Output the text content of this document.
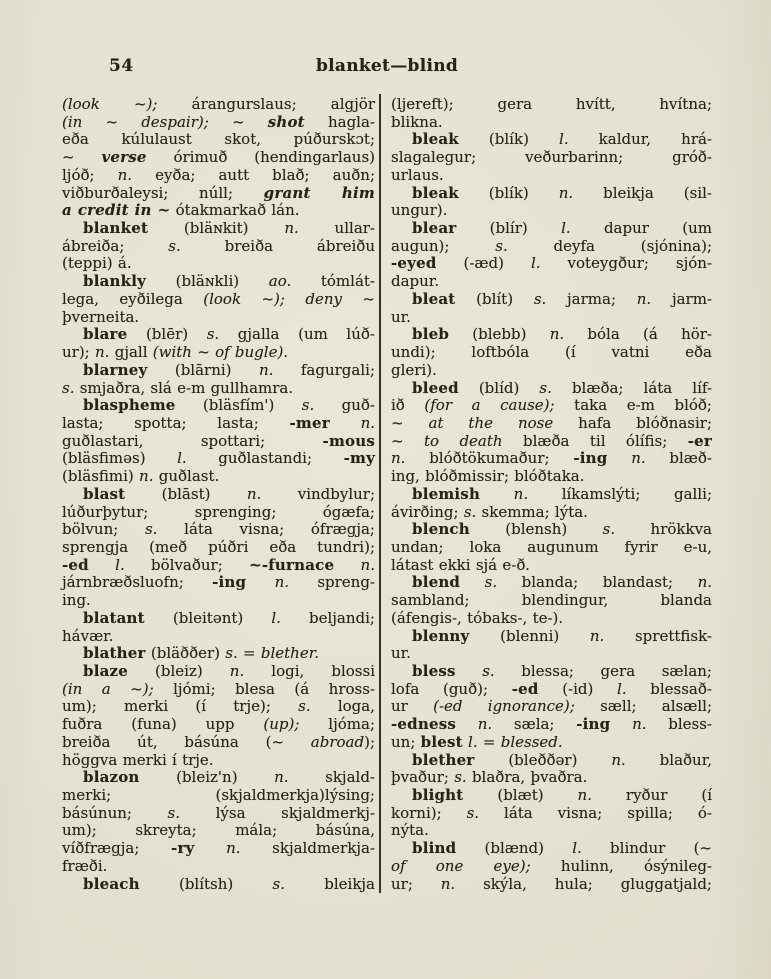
54	blanket—blind
(look ~); árangurslaus; algjör
(in ~ despair); ~ shot hagla-
eða kúlulaust skot, púðurskɔt;
~ verse órimuð (hendingarlaus)
ljóð; n. eyða; autt blað; auðn;
viðburðaleysi; núll; grant him
a credit in ~ ótakmarkað lán.
blanket (bläɴkit) n. ullar-
ábreiða; s. breiða ábreiðu
(teppi) á.
blankly (bläɴkli) ao. tómlát-
lega, eyðilega (look ~); deny ~
þverneita.
blare (blēr) s. gjalla (um lúð-
ur); n. gjall (with ~ of bugle).
blarney (blārni) n. fagurgali;
s. smjaðra, slá e-m gullhamra.
blaspheme (bläsfím') s. guð-
lasta; spotta; lasta; -mer n.
guðlastari, spottari; -mous
(bläsfiməs) l. guðlastandi; -my
(bläsfimi) n. guðlast.
blast (blāst) n. vindbylur;
lúðurþytur; sprenging; ógæfa;
bölvun; s. láta visna; ófrægja;
sprengja (með púðri eða tundri);
-ed l. bölvaður; ~-furnace n.
járnbræðsluofn; -ing n. spreng-
ing.
blatant (bleitənt) l. beljandi;
hávær.
blather (bläððer) s. = blether.
blaze (bleiz) n. logi, blossi
(in a ~); ljómi; blesa (á hross-
um); merki (í trje); s. loga,
fuðra (funa) upp (up); ljóma;
breiða út, básúna (~ abroad);
höggva merki í trje.
blazon (bleiz'n) n. skjald-
merki; (skjaldmerkja)lýsing;
básúnun; s. lýsa skjaldmerkj-
um); skreyta; mála; básúna,
víðfrægja; -ry n. skjaldmerkja-
fræði.
bleach (blítsh) s. bleikja
(ljereft); gera hvítt, hvítna;
blikna.
bleak (blík) l. kaldur, hrá-
slagalegur; veðurbarinn; gróð-
urlaus.
bleak (blík) n. bleikja (sil-
ungur).
blear (blír) l. dapur (um
augun); s. deyfa (sjónina);
-eyed (-æd) l. voteygður; sjón-
dapur.
bleat (blít) s. jarma; n. jarm-
ur.
bleb (blebb) n. bóla (á hör-
undi); loftbóla (í vatni eða
gleri).
bleed (blíd) s. blæða; láta líf-
ið (for a cause); taka e-m blóð;
~ at the nose hafa blóðnasir;
~ to death blæða til ólífis; -er
n. blóðtökumaður; -ing n. blæð-
ing, blóðmissir; blóðtaka.
blemish n. líkamslýti; galli;
ávirðing; s. skemma; lýta.
blench (blensh) s. hrökkva
undan; loka augunum fyrir e-u,
látast ekki sjá e-ð.
blend s. blanda; blandast; n.
sambland; blendingur, blanda
(áfengis-, tóbaks-, te-).
blenny (blenni) n. sprettfisk-
ur.
bless s. blessa; gera sælan;
lofa (guð); -ed (-id) l. blessað-
ur (-ed ignorance); sæll; alsæll;
-edness n. sæla; -ing n. bless-
un; blest l. = blessed.
blether (bleððər) n. blaður,
þvaður; s. blaðra, þvaðra.
blight (blæt) n. ryður (í
korni); s. láta visna; spilla; ó-
nýta.
blind (blænd) l. blindur (~
of one eye); hulinn, ósýnileg-
ur; n. skýla, hula; gluggatjald;
